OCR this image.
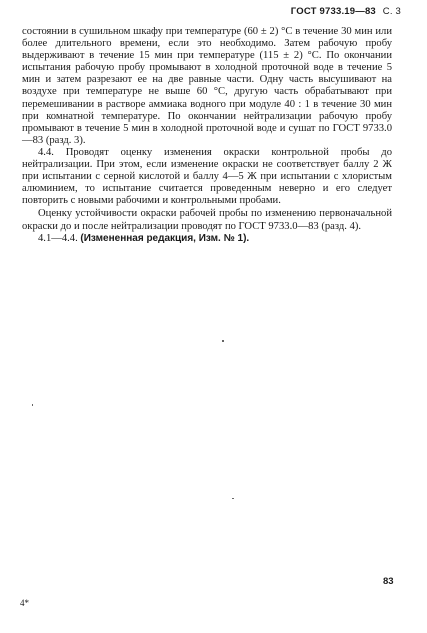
ГОСТ 9733.19—83 С. 3

состоянии в сушильном шкафу при температуре (60 ± 2) °C в течение 30 мин или более длительного времени, если это необходимо. Затем рабочую пробу выдерживают в течение 15 мин при температуре (115 ± 2) °C. По окончании испытания рабочую пробу промывают в холодной проточной воде в течение 5 мин и затем разрезают ее на две равные части. Одну часть высушивают на воздухе при температуре не выше 60 °C, другую часть обрабатывают при перемешивании в растворе аммиака водного при модуле 40 : 1 в течение 30 мин при комнатной температуре. По окончании нейтрализации рабочую пробу промывают в течение 5 мин в холодной проточной воде и сушат по ГОСТ 9733.0—83 (разд. 3).

4.4. Проводят оценку изменения окраски контрольной пробы до нейтрализации. При этом, если изменение окраски не соответствует баллу 2 Ж при испытании с серной кислотой и баллу 4—5 Ж при испытании с хлористым алюминием, то испытание считается проведенным неверно и его следует повторить с новыми рабочими и контрольными пробами.

Оценку устойчивости окраски рабочей пробы по изменению первоначальной окраски до и после нейтрализации проводят по ГОСТ 9733.0—83 (разд. 4).

4.1—4.4. (Измененная редакция, Изм. № 1).

83
4*
